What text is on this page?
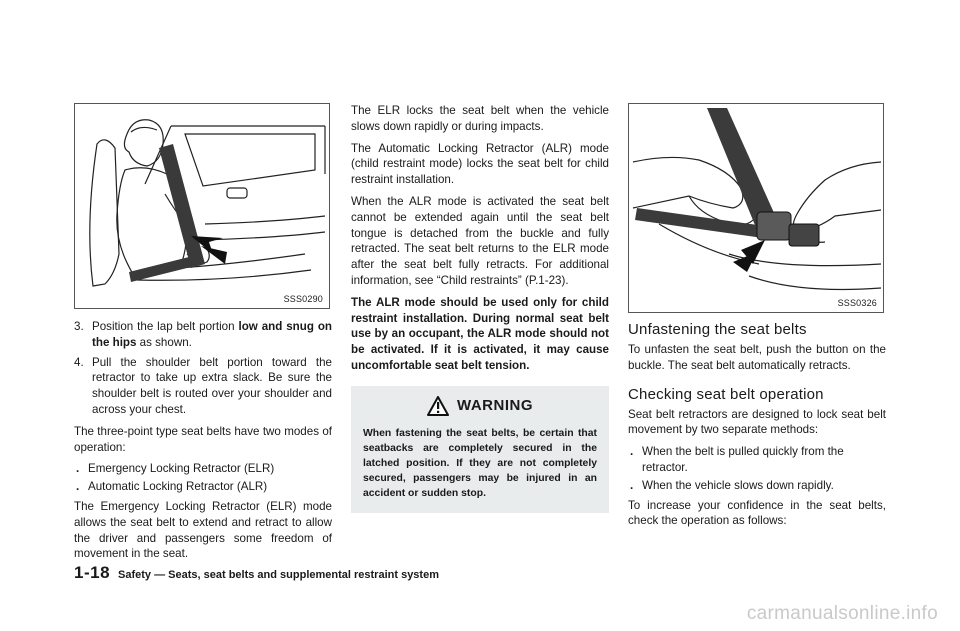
SSS0290
3. Position the lap belt portion low and snug on the hips as shown.
4. Pull the shoulder belt portion toward the retractor to take up extra slack. Be sure the shoulder belt is routed over your shoulder and across your chest.

The three-point type seat belts have two modes of operation:

. Emergency Locking Retractor (ELR)
. Automatic Locking Retractor (ALR)

The Emergency Locking Retractor (ELR) mode allows the seat belt to extend and retract to allow the driver and passengers some freedom of movement in the seat.

The ELR locks the seat belt when the vehicle slows down rapidly or during impacts.

The Automatic Locking Retractor (ALR) mode (child restraint mode) locks the seat belt for child restraint installation.

When the ALR mode is activated the seat belt cannot be extended again until the seat belt tongue is detached from the buckle and fully retracted. The seat belt returns to the ELR mode after the seat belt fully retracts. For additional information, see “Child restraints” (P.1-23).

The ALR mode should be used only for child restraint installation. During normal seat belt use by an occupant, the ALR mode should not be activated. If it is activated, it may cause uncomfortable seat belt tension.

WARNING
When fastening the seat belts, be certain that seatbacks are completely secured in the latched position. If they are not completely secured, passengers may be injured in an accident or sudden stop.
SSS0326
Unfastening the seat belts

To unfasten the seat belt, push the button on the buckle. The seat belt automatically retracts.

Checking seat belt operation

Seat belt retractors are designed to lock seat belt movement by two separate methods:

. When the belt is pulled quickly from the retractor.
. When the vehicle slows down rapidly.

To increase your confidence in the seat belts, check the operation as follows:

1-18 Safety — Seats, seat belts and supplemental restraint system
carmanualsonline.info
